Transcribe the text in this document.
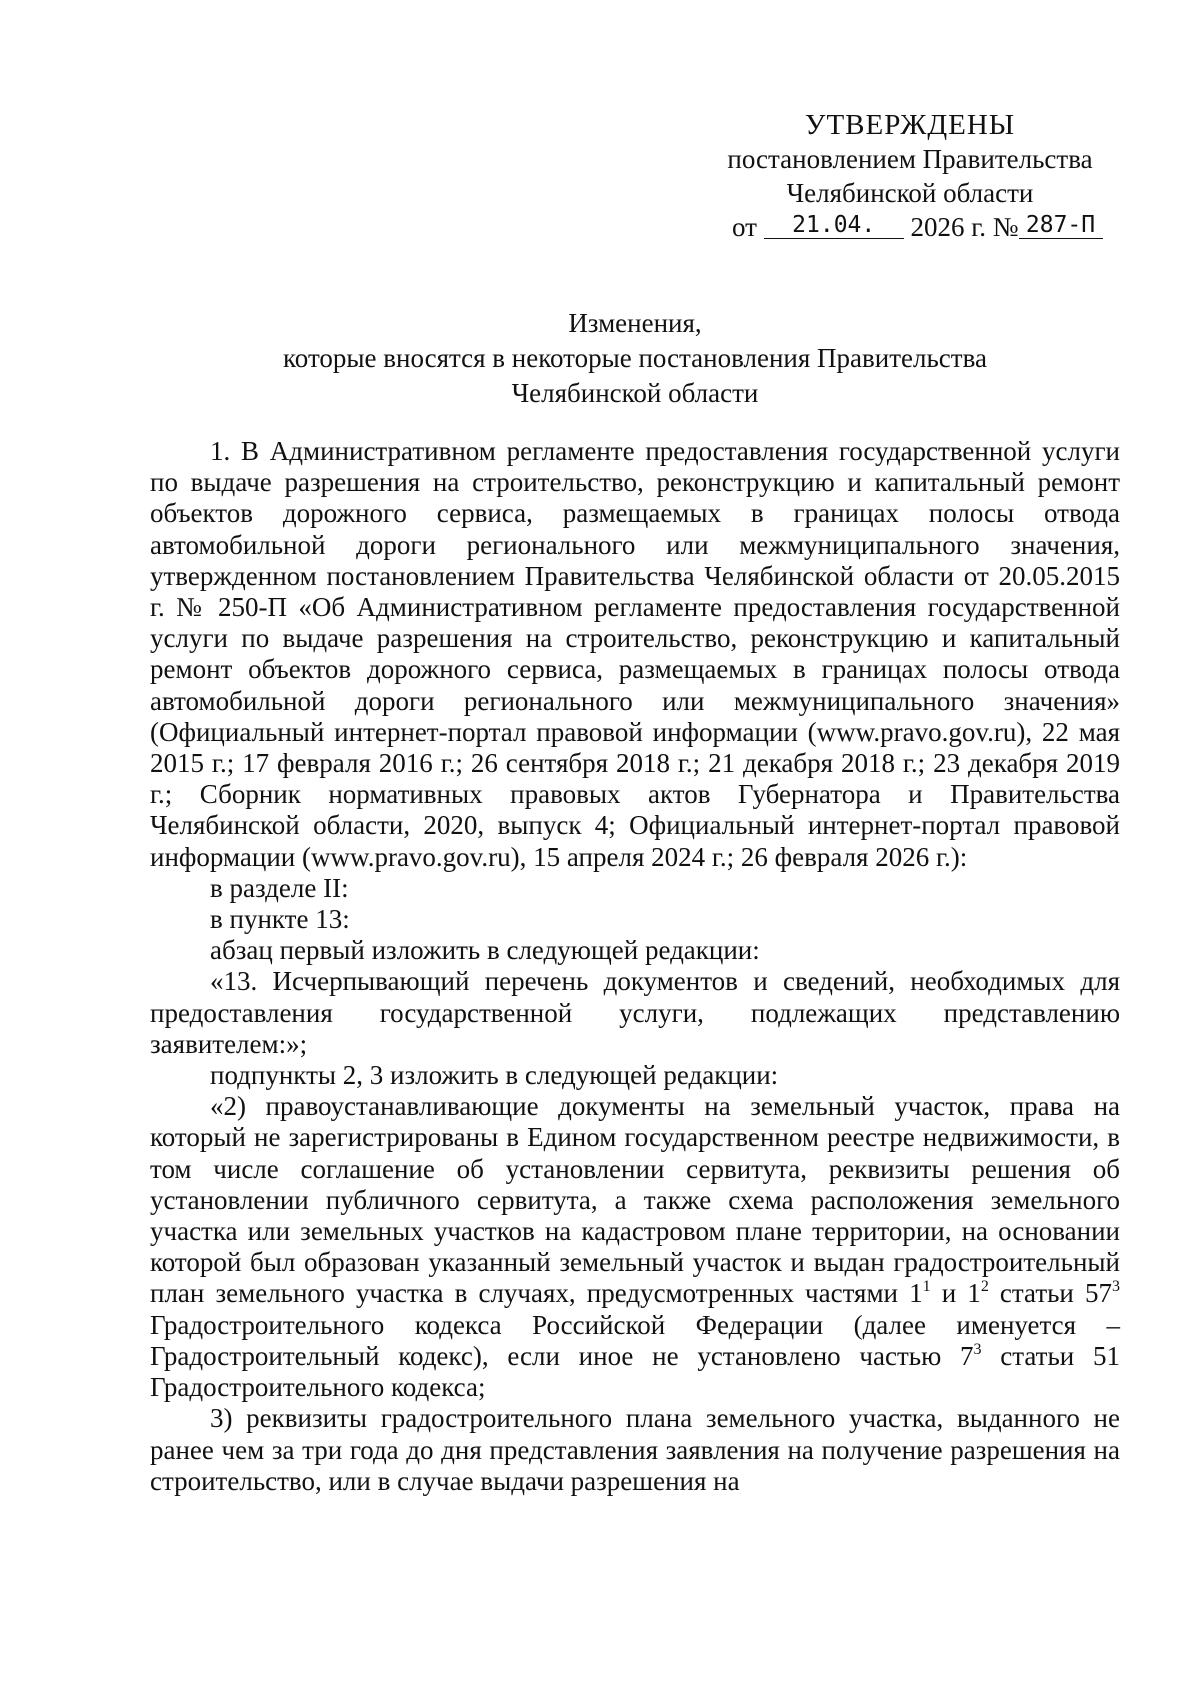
УТВЕРЖДЕНЫ
постановлением Правительства
Челябинской области
от 21.04. 2026 г. № 287-П
Изменения,
которые вносятся в некоторые постановления Правительства
Челябинской области

1. В Административном регламенте предоставления государственной услуги по выдаче разрешения на строительство, реконструкцию и капитальный ремонт объектов дорожного сервиса, размещаемых в границах полосы отвода автомобильной дороги регионального или межмуниципального значения, утвержденном постановлением Правительства Челябинской области от 20.05.2015 г. № 250-П «Об Административном регламенте предоставления государственной услуги по выдаче разрешения на строительство, реконструкцию и капитальный ремонт объектов дорожного сервиса, размещаемых в границах полосы отвода автомобильной дороги регионального или межмуниципального значения» (Официальный интернет-портал правовой информации (www.pravo.gov.ru), 22 мая 2015 г.; 17 февраля 2016 г.; 26 сентября 2018 г.; 21 декабря 2018 г.; 23 декабря 2019 г.; Сборник нормативных правовых актов Губернатора и Правительства Челябинской области, 2020, выпуск 4; Официальный интернет-портал правовой информации (www.pravo.gov.ru), 15 апреля 2024 г.; 26 февраля 2026 г.):

в разделе II:

в пункте 13:

абзац первый изложить в следующей редакции:

«13. Исчерпывающий перечень документов и сведений, необходимых для предоставления государственной услуги, подлежащих представлению заявителем:»;

подпункты 2, 3 изложить в следующей редакции:

«2) правоустанавливающие документы на земельный участок, права на который не зарегистрированы в Едином государственном реестре недвижимости, в том числе соглашение об установлении сервитута, реквизиты решения об установлении публичного сервитута, а также схема расположения земельного участка или земельных участков на кадастровом плане территории, на основании которой был образован указанный земельный участок и выдан градостроительный план земельного участка в случаях, предусмотренных частями $1^1$ и $1^2$ статьи $57^3$ Градостроительного кодекса Российской Федерации (далее именуется – Градостроительный кодекс), если иное не установлено частью $7^3$ статьи 51 Градостроительного кодекса;

3) реквизиты градостроительного плана земельного участка, выданного не ранее чем за три года до дня представления заявления на получение разрешения на строительство, или в случае выдачи разрешения на
